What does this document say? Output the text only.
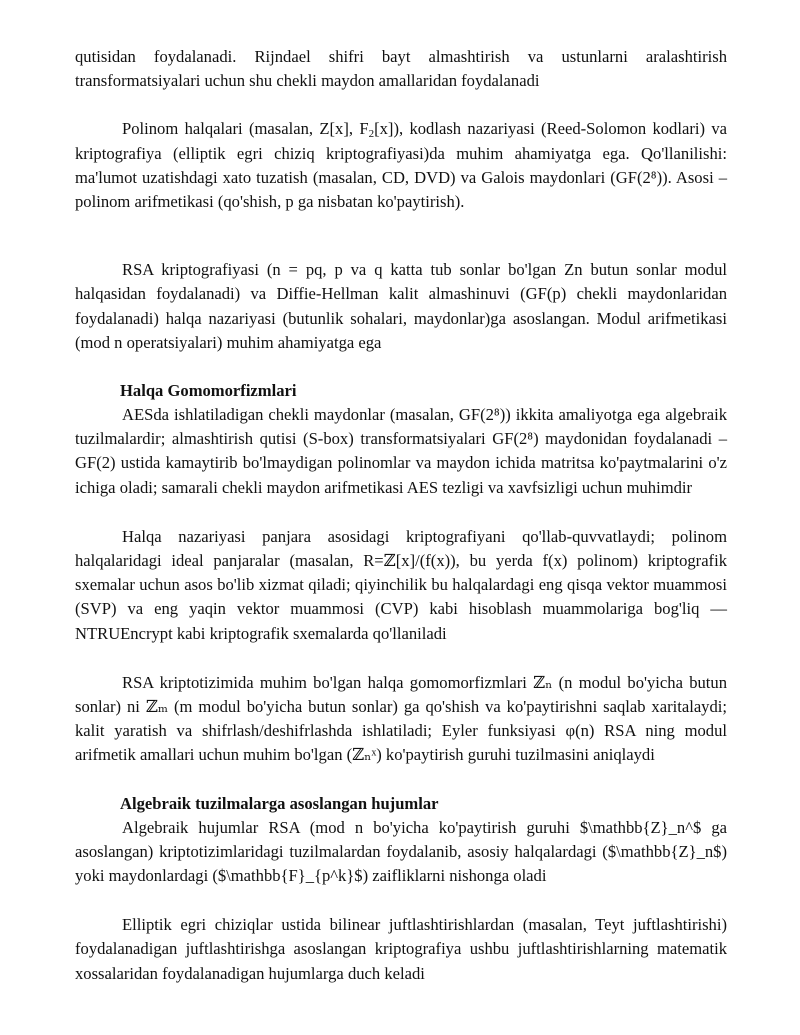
qutisidan foydalanadi. Rijndael shifri bayt almashtirish va ustunlarni aralashtirish transformatsiyalari uchun shu chekli maydon amallaridan foydalanadi

Polinom halqalari (masalan, Z[x], $F_2[x]$), kodlash nazariyasi (Reed-Solomon kodlari) va kriptografiya (elliptik egri chiziq kriptografiyasi)da muhim ahamiyatga ega. Qo'llanilishi: ma'lumot uzatishdagi xato tuzatish (masalan, CD, DVD) va Galois maydonlari (GF(2⁸)). Asosi – polinom arifmetikasi (qo'shish, p ga nisbatan ko'paytirish).

RSA kriptografiyasi (n = pq, p va q katta tub sonlar bo'lgan Zn butun sonlar modul halqasidan foydalanadi) va Diffie-Hellman kalit almashinuvi (GF(p) chekli maydonlaridan foydalanadi) halqa nazariyasi (butunlik sohalari, maydonlar)ga asoslangan. Modul arifmetikasi (mod n operatsiyalari) muhim ahamiyatga ega

Halqa Gomomorfizmlari

AESda ishlatiladigan chekli maydonlar (masalan, GF(2⁸)) ikkita amaliyotga ega algebraik tuzilmalardir; almashtirish qutisi (S-box) transformatsiyalari GF(2⁸) maydonidan foydalanadi – GF(2) ustida kamaytirib bo'lmaydigan polinomlar va maydon ichida matritsa ko'paytmalarini o'z ichiga oladi; samarali chekli maydon arifmetikasi AES tezligi va xavfsizligi uchun muhimdir

Halqa nazariyasi panjara asosidagi kriptografiyani qo'llab-quvvatlaydi; polinom halqalaridagi ideal panjaralar (masalan, R=ℤ[x]/(f(x)), bu yerda f(x) polinom) kriptografik sxemalar uchun asos bo'lib xizmat qiladi; qiyinchilik bu halqalardagi eng qisqa vektor muammosi (SVP) va eng yaqin vektor muammosi (CVP) kabi hisoblash muammolariga bog'liq — NTRUEncrypt kabi kriptografik sxemalarda qo'llaniladi

RSA kriptotizimida muhim bo'lgan halqa gomomorfizmlari ℤₙ (n modul bo'yicha butun sonlar) ni ℤₘ (m modul bo'yicha butun sonlar) ga qo'shish va ko'paytirishni saqlab xaritalaydi; kalit yaratish va shifrlash/deshifrlashda ishlatiladi; Eyler funksiyasi φ(n) RSA ning modul arifmetik amallari uchun muhim bo'lgan (ℤₙˣ) ko'paytirish guruhi tuzilmasini aniqlaydi

Algebraik tuzilmalarga asoslangan hujumlar

Algebraik hujumlar RSA (mod n bo'yicha ko'paytirish guruhi $\mathbb{Z}_n^$ ga asoslangan) kriptotizimlaridagi tuzilmalardan foydalanib, asosiy halqalardagi ($\mathbb{Z}_n$) yoki maydonlardagi ($\mathbb{F}_{p^k}$) zaifliklarni nishonga oladi

Elliptik egri chiziqlar ustida bilinear juftlashtirishlardan (masalan, Teyt juftlashtirishi) foydalanadigan juftlashtirishga asoslangan kriptografiya ushbu juftlashtirishlarning matematik xossalaridan foydalanadigan hujumlarga duch keladi
